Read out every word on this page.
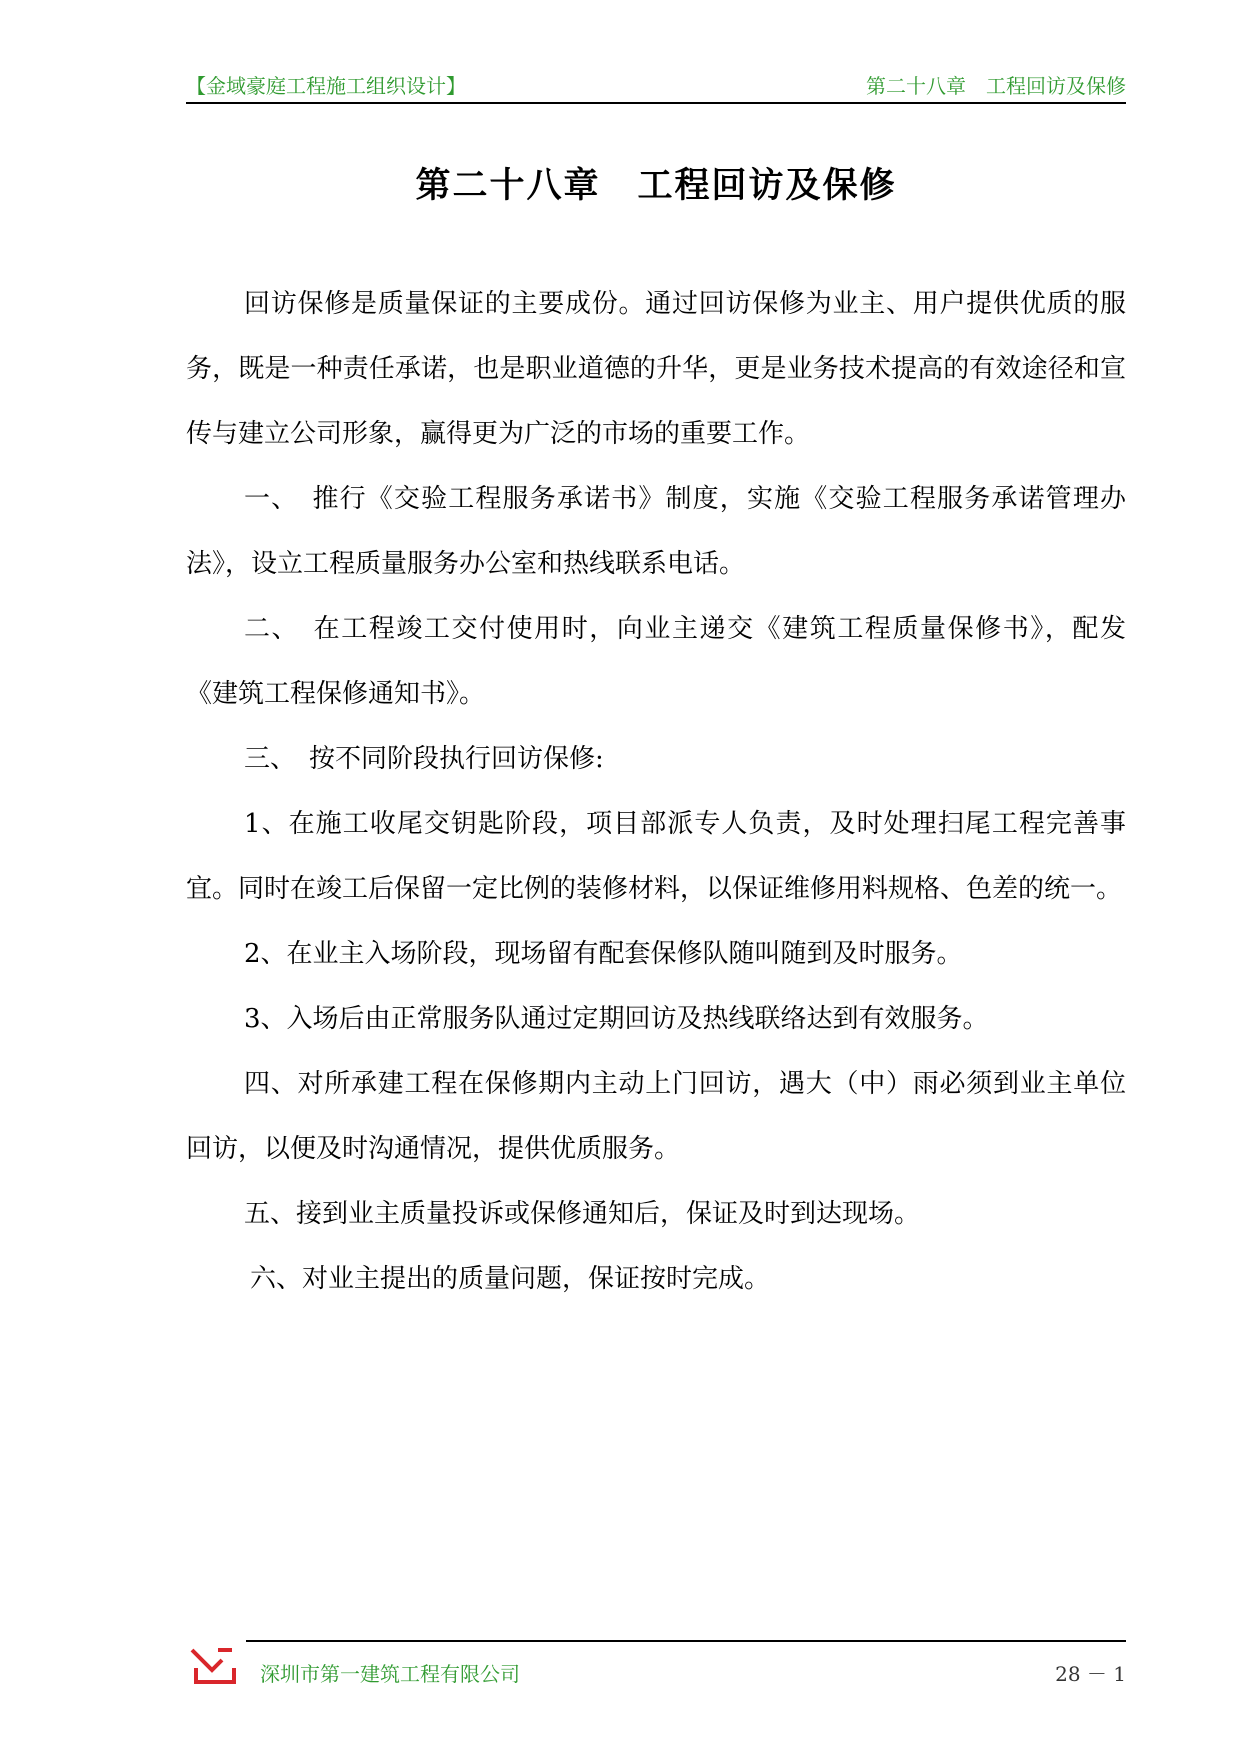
【金域豪庭工程施工组织设计】	第二十八章　工程回访及保修
第二十八章　工程回访及保修

回访保修是质量保证的主要成份。通过回访保修为业主、用户提供优质的服务，既是一种责任承诺，也是职业道德的升华，更是业务技术提高的有效途径和宣传与建立公司形象，赢得更为广泛的市场的重要工作。

一、　推行《交验工程服务承诺书》制度，实施《交验工程服务承诺管理办法》，设立工程质量服务办公室和热线联系电话。

二、　在工程竣工交付使用时，向业主递交《建筑工程质量保修书》，配发《建筑工程保修通知书》。

三、　按不同阶段执行回访保修:

1、在施工收尾交钥匙阶段，项目部派专人负责，及时处理扫尾工程完善事宜。同时在竣工后保留一定比例的装修材料，以保证维修用料规格、色差的统一。

2、在业主入场阶段，现场留有配套保修队随叫随到及时服务。

3、入场后由正常服务队通过定期回访及热线联络达到有效服务。

四、对所承建工程在保修期内主动上门回访，遇大（中）雨必须到业主单位回访，以便及时沟通情况，提供优质服务。

五、接到业主质量投诉或保修通知后，保证及时到达现场。

六、对业主提出的质量问题，保证按时完成。

深圳市第一建筑工程有限公司	28 － 1
